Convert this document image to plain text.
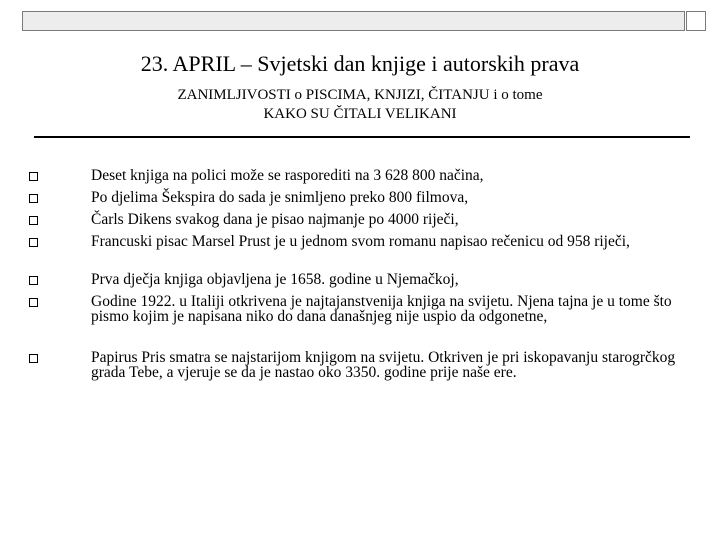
23. APRIL – Svjetski dan knjige i autorskih prava
ZANIMLJIVOSTI o PISCIMA, KNJIZI, ČITANJU i o tome
KAKO SU ČITALI VELIKANI
Deset knjiga na polici može se rasporediti na 3 628 800 načina,
Po djelima Šekspira do sada je snimljeno preko 800 filmova,
Čarls Dikens svakog dana je pisao najmanje po 4000 riječi,
Francuski pisac Marsel Prust je u jednom svom romanu napisao rečenicu od 958 riječi,
Prva dječja knjiga objavljena je 1658. godine u Njemačkoj,
Godine 1922. u Italiji otkrivena je najtajanstvenija knjiga na svijetu. Njena tajna je u tome što pismo kojim je napisana niko do dana današnjeg nije uspio da odgonetne,
Papirus Pris smatra se najstarijom knjigom na svijetu. Otkriven je pri iskopavanju starogrčkog grada Tebe, a vjeruje se da je nastao oko 3350. godine prije naše ere.
